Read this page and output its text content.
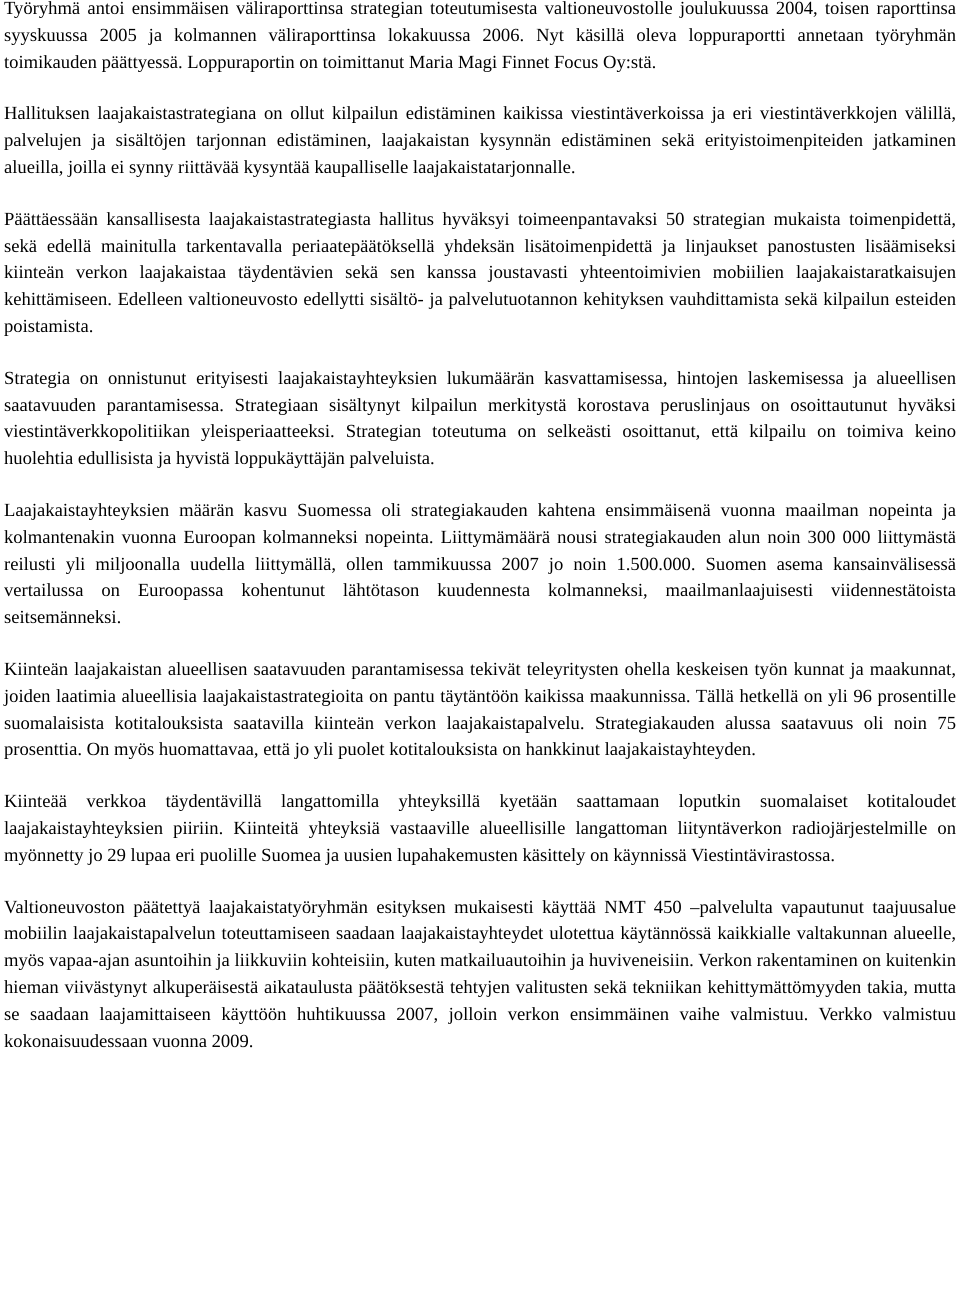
Työryhmä antoi ensimmäisen väliraporttinsa strategian toteutumisesta valtioneuvostolle joulukuussa 2004, toisen raporttinsa syyskuussa 2005 ja kolmannen väliraporttinsa lokakuussa 2006. Nyt käsillä oleva loppuraportti annetaan työryhmän toimikauden päättyessä. Loppuraportin on toimittanut Maria Magi Finnet Focus Oy:stä.

Hallituksen laajakaistastrategiana on ollut kilpailun edistäminen kaikissa viestintäverkoissa ja eri viestintäverkkojen välillä, palvelujen ja sisältöjen tarjonnan edistäminen, laajakaistan kysynnän edistäminen sekä erityistoimenpiteiden jatkaminen alueilla, joilla ei synny riittävää kysyntää kaupalliselle laajakaistatarjonnalle.

Päättäessään kansallisesta laajakaistastrategiasta hallitus hyväksyi toimeenpantavaksi 50 strategian mukaista toimenpidettä, sekä edellä mainitulla tarkentavalla periaatepäätöksellä yhdeksän lisätoimenpidettä ja linjaukset panostusten lisäämiseksi kiinteän verkon laajakaistaa täydentävien sekä sen kanssa joustavasti yhteentoimivien mobiilien laajakaistaratkaisujen kehittämiseen. Edelleen valtioneuvosto edellytti sisältö- ja palvelutuotannon kehityksen vauhdittamista sekä kilpailun esteiden poistamista.

Strategia on onnistunut erityisesti laajakaistayhteyksien lukumäärän kasvattamisessa, hintojen laskemisessa ja alueellisen saatavuuden parantamisessa. Strategiaan sisältynyt kilpailun merkitystä korostava peruslinjaus on osoittautunut hyväksi viestintäverkkopolitiikan yleisperiaatteeksi. Strategian toteutuma on selkeästi osoittanut, että kilpailu on toimiva keino huolehtia edullisista ja hyvistä loppukäyttäjän palveluista.

Laajakaistayhteyksien määrän kasvu Suomessa oli strategiakauden kahtena ensimmäisenä vuonna maailman nopeinta ja kolmantenakin vuonna Euroopan kolmanneksi nopeinta. Liittymämäärä nousi strategiakauden alun noin 300 000 liittymästä reilusti yli miljoonalla uudella liittymällä, ollen tammikuussa 2007 jo noin 1.500.000. Suomen asema kansainvälisessä vertailussa on Euroopassa kohentunut lähtötason kuudennesta kolmanneksi, maailmanlaajuisesti viidennestätoista seitsemänneksi.

Kiinteän laajakaistan alueellisen saatavuuden parantamisessa tekivät teleyritysten ohella keskeisen työn kunnat ja maakunnat, joiden laatimia alueellisia laajakaistastrategioita on pantu täytäntöön kaikissa maakunnissa. Tällä hetkellä on yli 96 prosentille suomalaisista kotitalouksista saatavilla kiinteän verkon laajakaistapalvelu. Strategiakauden alussa saatavuus oli noin 75 prosenttia. On myös huomattavaa, että jo yli puolet kotitalouksista on hankkinut laajakaistayhteyden.

Kiinteää verkkoa täydentävillä langattomilla yhteyksillä kyetään saattamaan loputkin suomalaiset kotitaloudet laajakaistayhteyksien piiriin. Kiinteitä yhteyksiä vastaaville alueellisille langattoman liityntäverkon radiojärjestelmille on myönnetty jo 29 lupaa eri puolille Suomea ja uusien lupahakemusten käsittely on käynnissä Viestintävirastossa.

Valtioneuvoston päätettyä laajakaistatyöryhmän esityksen mukaisesti käyttää NMT 450 –palvelulta vapautunut taajuusalue mobiilin laajakaistapalvelun toteuttamiseen saadaan laajakaistayhteydet ulotettua käytännössä kaikkialle valtakunnan alueelle, myös vapaa-ajan asuntoihin ja liikkuviin kohteisiin, kuten matkailuautoihin ja huviveneisiin. Verkon rakentaminen on kuitenkin hieman viivästynyt alkuperäisestä aikataulusta päätöksestä tehtyjen valitusten sekä tekniikan kehittymättömyyden takia, mutta se saadaan laajamittaiseen käyttöön huhtikuussa 2007, jolloin verkon ensimmäinen vaihe valmistuu. Verkko valmistuu kokonaisuudessaan vuonna 2009.
